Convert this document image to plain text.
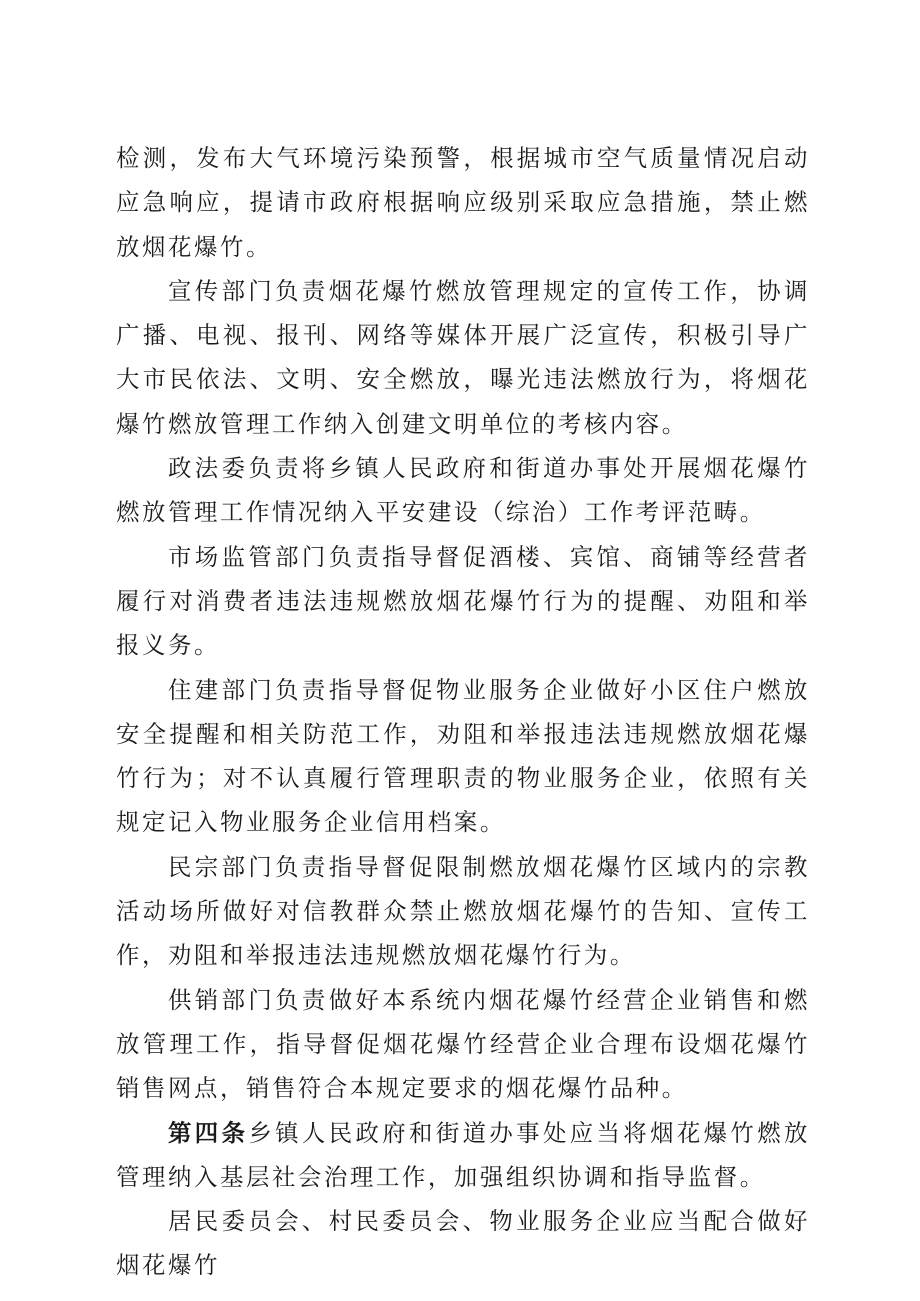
检测，发布大气环境污染预警，根据城市空气质量情况启动应急响应，提请市政府根据响应级别采取应急措施，禁止燃放烟花爆竹。

宣传部门负责烟花爆竹燃放管理规定的宣传工作，协调广播、电视、报刊、网络等媒体开展广泛宣传，积极引导广大市民依法、文明、安全燃放，曝光违法燃放行为，将烟花爆竹燃放管理工作纳入创建文明单位的考核内容。

政法委负责将乡镇人民政府和街道办事处开展烟花爆竹燃放管理工作情况纳入平安建设（综治）工作考评范畴。

市场监管部门负责指导督促酒楼、宾馆、商铺等经营者履行对消费者违法违规燃放烟花爆竹行为的提醒、劝阻和举报义务。

住建部门负责指导督促物业服务企业做好小区住户燃放安全提醒和相关防范工作，劝阻和举报违法违规燃放烟花爆竹行为；对不认真履行管理职责的物业服务企业，依照有关规定记入物业服务企业信用档案。

民宗部门负责指导督促限制燃放烟花爆竹区域内的宗教活动场所做好对信教群众禁止燃放烟花爆竹的告知、宣传工作，劝阻和举报违法违规燃放烟花爆竹行为。

供销部门负责做好本系统内烟花爆竹经营企业销售和燃放管理工作，指导督促烟花爆竹经营企业合理布设烟花爆竹销售网点，销售符合本规定要求的烟花爆竹品种。

第四条乡镇人民政府和街道办事处应当将烟花爆竹燃放管理纳入基层社会治理工作，加强组织协调和指导监督。

居民委员会、村民委员会、物业服务企业应当配合做好烟花爆竹
